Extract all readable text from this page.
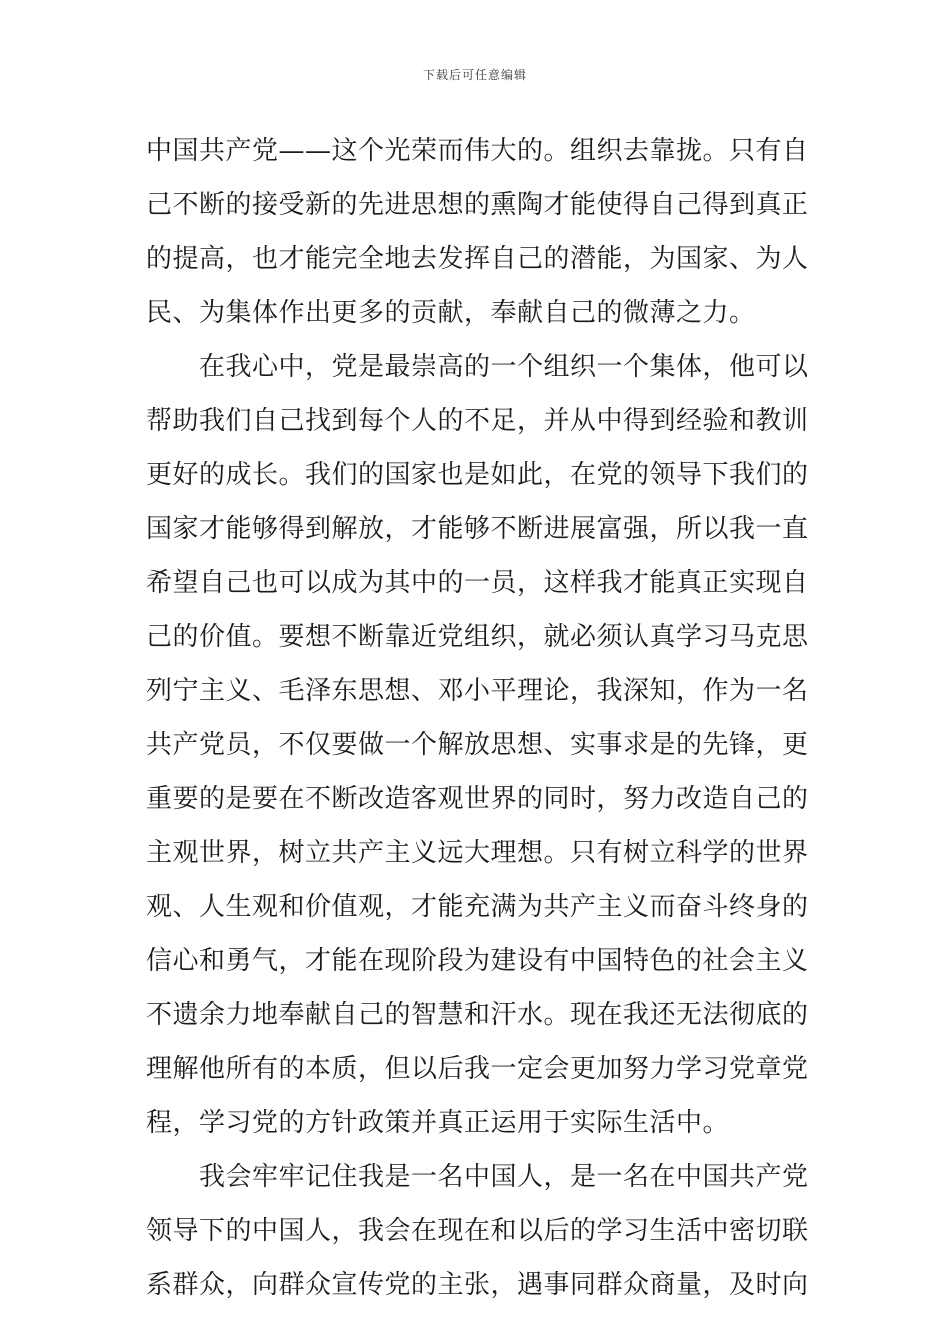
下载后可任意编辑
中国共产党——这个光荣而伟大的。组织去靠拢。只有自
己不断的接受新的先进思想的熏陶才能使得自己得到真正
的提高，也才能完全地去发挥自己的潜能，为国家、为人
民、为集体作出更多的贡献，奉献自己的微薄之力。
在我心中，党是最崇高的一个组织一个集体，他可以
帮助我们自己找到每个人的不足，并从中得到经验和教训
更好的成长。我们的国家也是如此，在党的领导下我们的
国家才能够得到解放，才能够不断进展富强，所以我一直
希望自己也可以成为其中的一员，这样我才能真正实现自
己的价值。要想不断靠近党组织，就必须认真学习马克思
列宁主义、毛泽东思想、邓小平理论，我深知，作为一名
共产党员，不仅要做一个解放思想、实事求是的先锋，更
重要的是要在不断改造客观世界的同时，努力改造自己的
主观世界，树立共产主义远大理想。只有树立科学的世界
观、人生观和价值观，才能充满为共产主义而奋斗终身的
信心和勇气，才能在现阶段为建设有中国特色的社会主义
不遗余力地奉献自己的智慧和汗水。现在我还无法彻底的
理解他所有的本质，但以后我一定会更加努力学习党章党
程，学习党的方针政策并真正运用于实际生活中。
我会牢牢记住我是一名中国人，是一名在中国共产党
领导下的中国人，我会在现在和以后的学习生活中密切联
系群众，向群众宣传党的主张，遇事同群众商量，及时向
